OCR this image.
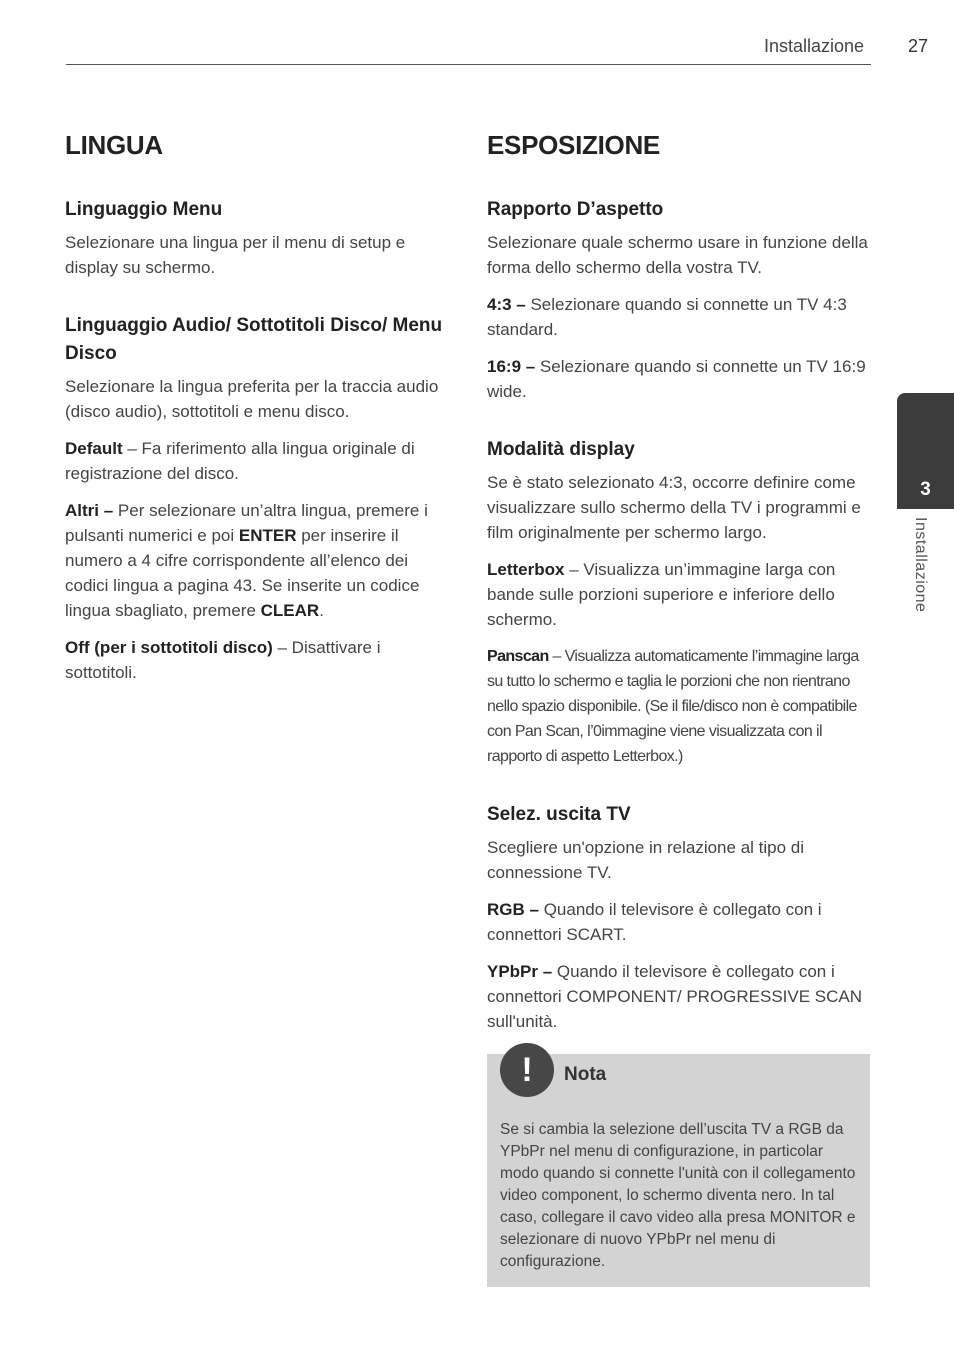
Installazione 27
LINGUA
Linguaggio Menu

Selezionare una lingua per il menu di setup e display su schermo.

Linguaggio Audio/ Sottotitoli Disco/ Menu Disco

Selezionare la lingua preferita per la traccia audio (disco audio), sottotitoli e menu disco.

Default – Fa riferimento alla lingua originale di registrazione del disco.

Altri – Per selezionare un’altra lingua, premere i pulsanti numerici e poi ENTER per inserire il numero a 4 cifre corrispondente all’elenco dei codici lingua a pagina 43. Se inserite un codice lingua sbagliato, premere CLEAR.

Off (per i sottotitoli disco) – Disattivare i sottotitoli.

ESPOSIZIONE
Rapporto D’aspetto

Selezionare quale schermo usare in funzione della forma dello schermo della vostra TV.

4:3 – Selezionare quando si connette un TV 4:3 standard.

16:9 – Selezionare quando si connette un TV 16:9 wide.

Modalità display

Se è stato selezionato 4:3, occorre definire come visualizzare sullo schermo della TV i programmi e film originalmente per schermo largo.

Letterbox – Visualizza un’immagine larga con bande sulle porzioni superiore e inferiore dello schermo.

Panscan – Visualizza automaticamente l’immagine larga su tutto lo schermo e taglia le porzioni che non rientrano nello spazio disponibile. (Se il file/disco non è compatibile con Pan Scan, l’0immagine viene visualizzata con il rapporto di aspetto Letterbox.)

Selez. uscita TV

Scegliere un'opzione in relazione al tipo di connessione TV.

RGB – Quando il televisore è collegato con i connettori SCART.

YPbPr – Quando il televisore è collegato con i connettori COMPONENT/ PROGRESSIVE SCAN sull'unità.

!	Nota
Se si cambia la selezione dell’uscita TV a RGB da YPbPr nel menu di configurazione, in particolar modo quando si connette l'unità con il collegamento video component, lo schermo diventa nero. In tal caso, collegare il cavo video alla presa MONITOR e selezionare di nuovo YPbPr nel menu di configurazione.
3
Installazione
